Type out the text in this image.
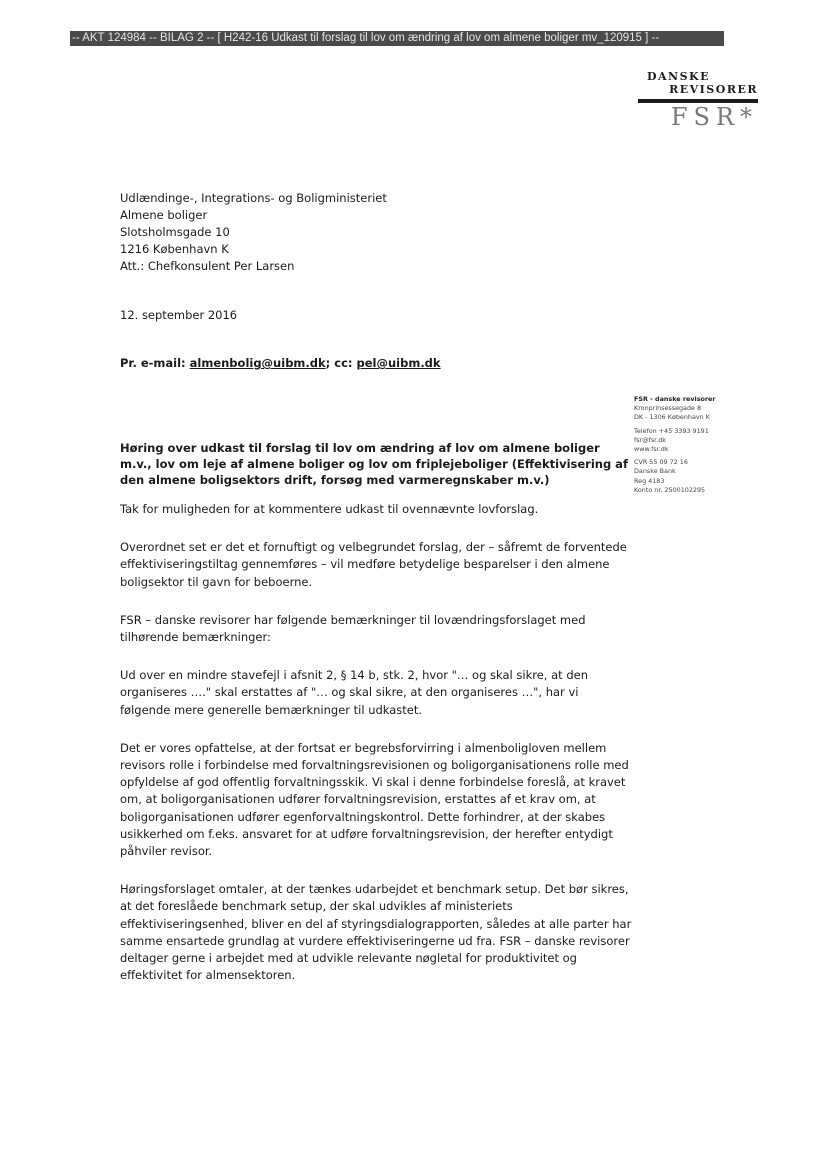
-- AKT 124984 -- BILAG 2 -- [ H242-16 Udkast til forslag til lov om ændring af lov om almene boliger mv_120915 ] --
DANSKE
REVISORER
FSR*
Udlændinge-, Integrations- og Boligministeriet
Almene boliger
Slotsholmsgade 10
1216 København K
Att.: Chefkonsulent Per Larsen
12. september 2016
Pr. e-mail: almenbolig@uibm.dk; cc: pel@uibm.dk

FSR - danske revisorer
Kronprinsessegade 8
DK - 1306 København K

Telefon +45 3393 9191
fsr@fsr.dk
www.fsr.dk

CVR 55 09 72 16
Danske Bank
Reg 4183
Konto nr. 2500102295

Høring over udkast til forslag til lov om ændring af lov om almene boliger m.v., lov om leje af almene boliger og lov om friplejeboliger (Effektivisering af den almene boligsektors drift, forsøg med varmeregnskaber m.v.)

Tak for muligheden for at kommentere udkast til ovennævnte lovforslag.

Overordnet set er det et fornuftigt og velbegrundet forslag, der – såfremt de forventede effektiviseringstiltag gennemføres – vil medføre betydelige besparelser i den almene boligsektor til gavn for beboerne.

FSR – danske revisorer har følgende bemærkninger til lovændringsforslaget med tilhørende bemærkninger:

Ud over en mindre stavefejl i afsnit 2, § 14 b, stk. 2, hvor "… og skal sikre, at den organiseres …." skal erstattes af "… og skal sikre, at den organiseres …", har vi følgende mere generelle bemærkninger til udkastet.

Det er vores opfattelse, at der fortsat er begrebsforvirring i almenboligloven mellem revisors rolle i forbindelse med forvaltningsrevisionen og boligorganisationens rolle med opfyldelse af god offentlig forvaltningsskik. Vi skal i denne forbindelse foreslå, at kravet om, at boligorganisationen udfører forvaltningsrevision, erstattes af et krav om, at boligorganisationen udfører egenforvaltningskontrol. Dette forhindrer, at der skabes usikkerhed om f.eks. ansvaret for at udføre forvaltningsrevision, der herefter entydigt påhviler revisor.

Høringsforslaget omtaler, at der tænkes udarbejdet et benchmark setup. Det bør sikres, at det foreslåede benchmark setup, der skal udvikles af ministeriets effektiviseringsenhed, bliver en del af styringsdialograpporten, således at alle parter har samme ensartede grundlag at vurdere effektiviseringerne ud fra. FSR – danske revisorer deltager gerne i arbejdet med at udvikle relevante nøgletal for produktivitet og effektivitet for almensektoren.
